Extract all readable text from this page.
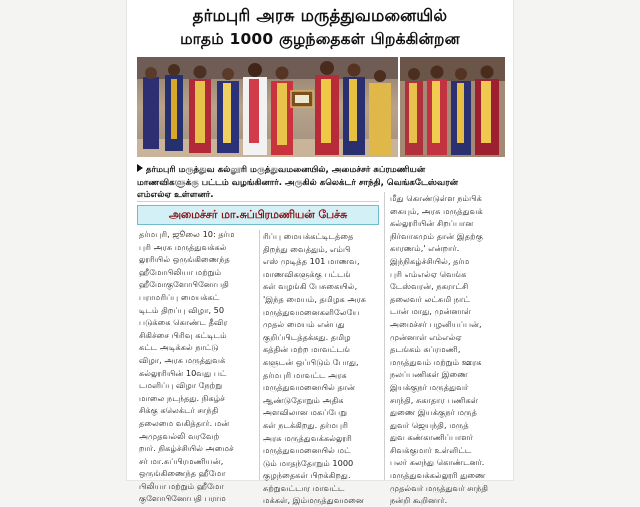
தர்மபுரி அரசு மருத்துவமனையில்
மாதம் 1000 குழந்தைகள் பிறக்கின்றன
தர்மபுரி மருத்துவ கல்லூரி மருத்துவமனையில், அமைச்சர் சுப்ரமணியன்
மாணவிகளுக்கு பட்டம் வழங்கினார். அருகில் கலெக்டர் சாந்தி, வெங்கடேஸ்வரன்
எம்எல்ஏ உள்ளனர்.
அமைச்சர் மா.சுப்பிரமணியன் பேச்சு
தர்மபுரி, ஜூலை 10: தர்ம
புரி அரசு மருத்துவக்கல்
லூரியில் ஒருங்கிணைந்த
ஹீமோபிலியா மற்றும்
ஹீமோகுளோபினோபதி
பராமரிப்பு மையக்கட்
டிடம் திறப்பு விழா, 50
படுக்கை கொண்ட தீவிர
சிகிச்சை பிரிவு கட்டிடம்
கட்ட அடிக்கல் நாட்டு
விழா, அரசு மருத்துவக்
கல்லூரியின் 10வது பட்
டமளிப்பு விழா நேற்று
மாலை நடந்தது. நிகழ்ச்
சிக்கு கலெக்டர் சாந்தி
தலைமை வகித்தார். மன்
அமுதவல்லி வரவேற்
றார். நிகழ்ச்சியில் அமைச்
சர் மா.சுப்பிரமணியன்,
ஒருங்கிணைந்த ஹீமோ
பிலியா மற்றும் ஹீமோ
குளோபினோபதி பராம
ரிப்பு மையக்கட்டிடத்தை
திறந்து வைத்தும், எம்பி
எஸ் முடித்த 101 மாணவ,
மாணவிகளுக்கு பட்டங்
கள் வழங்கி பேசுகையில்,
'இந்த மையம், தமிழக அரசு
மருத்துவமனைகளிலேயே
முதல் மையம் என்பது
குறிப்பிடத்தக்கது. தமிழ
கத்தின் மற்ற மாவட்டங்
களுடன் ஒப்பிடும் போது,
தர்மபுரி மாவட்ட அரசு
மருத்துவமனையில் தான்
ஆண்டுதோறும் அதிக
அளவிலான மகப்பேறு
கள் நடக்கிறது. தர்மபுரி
அரசு மருத்துவக்கல்லூரி
மருத்துவமனையில் மட்
டும் மாதந்தோறும் 1000
குழந்தைகள் பிறக்கிறது.
சுற்றுவட்டார மாவட்ட
மக்கள், இம்மருத்துவமனை
மீது கொண்டுள்ள நம்பிக்
கையும், அரசு மருத்துவக்
கல்லூரியின் சிறப்பான
நிர்வாகமும் தான் இதற்கு
காரணம்,' என்றார்.
இந்நிகழ்ச்சியில், தர்ம
புரி எம்எல்ஏ வெங்க
டேஸ்வரன், நகராட்சி
தலைவர் லட்சுமி நாட்
டான் மாது, முன்னாள்
அமைச்சர் பழனியப்பன்,
முன்னாள் எம்எல்ஏ
தடங்கம் சுப்ரமணி,
மருத்துவம் மற்றும் ஊரக
நலப்பணிகள் இணை
இயக்குநர் மருத்துவர்
சாந்தி, சுகாதார பணிகள்
துணை இயக்குநர் மருத்
துவர் ஜெயந்தி, மருத்
துவ கண்காணிப்பாளர்
சிவக்குமார் உள்ளிட்ட
பலர் கலந்து கொண்டனர்.
மருத்துவக்கல்லூரி துணை
முதல்வர் மருத்துவர் சாந்தி
நன்றி கூறினார்.
